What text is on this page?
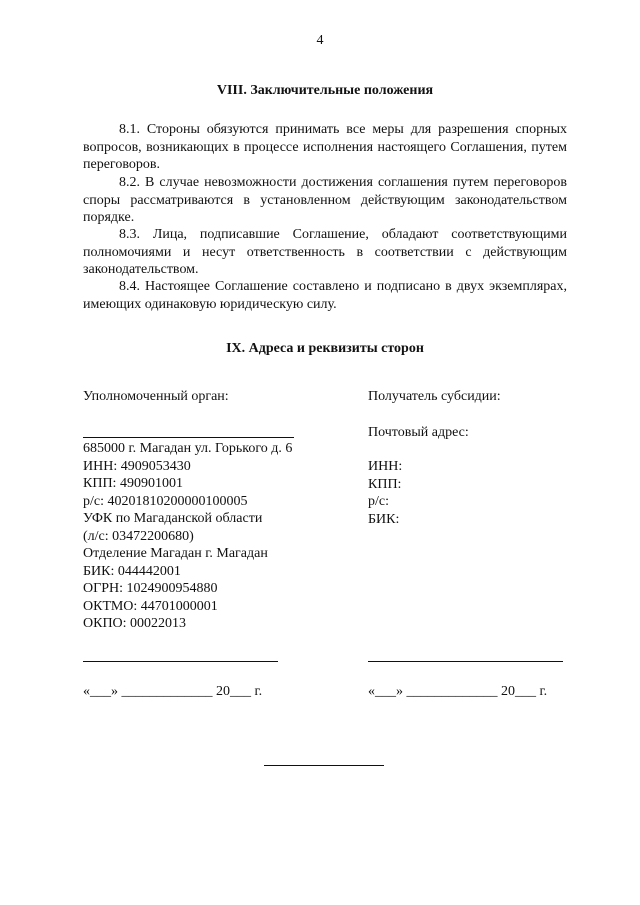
4
VIII. Заключительные положения

8.1. Стороны обязуются принимать все меры для разрешения спорных вопросов, возникающих в процессе исполнения настоящего Соглашения, путем переговоров.

8.2. В случае невозможности достижения соглашения путем переговоров споры рассматриваются в установленном действующим законодательством порядке.

8.3. Лица, подписавшие Соглашение, обладают соответствующими полномочиями и несут ответственность в соответствии с действующим законодательством.

8.4. Настоящее Соглашение составлено и подписано в двух экземплярах, имеющих одинаковую юридическую силу.

IX. Адреса и реквизиты сторон
Уполномоченный орган:
685000 г. Магадан ул. Горького д. 6
ИНН: 4909053430
КПП: 490901001
р/с: 40201810200000100005
УФК по Магаданской области
(л/с: 03472200680)
Отделение Магадан г. Магадан
БИК: 044442001
ОГРН: 1024900954880
ОКТМО: 44701000001
ОКПО: 00022013
«___» _____________ 20___ г.
Получатель субсидии:
Почтовый адрес:
ИНН:
КПП:
р/с:
БИК:
«___» _____________ 20___ г.
